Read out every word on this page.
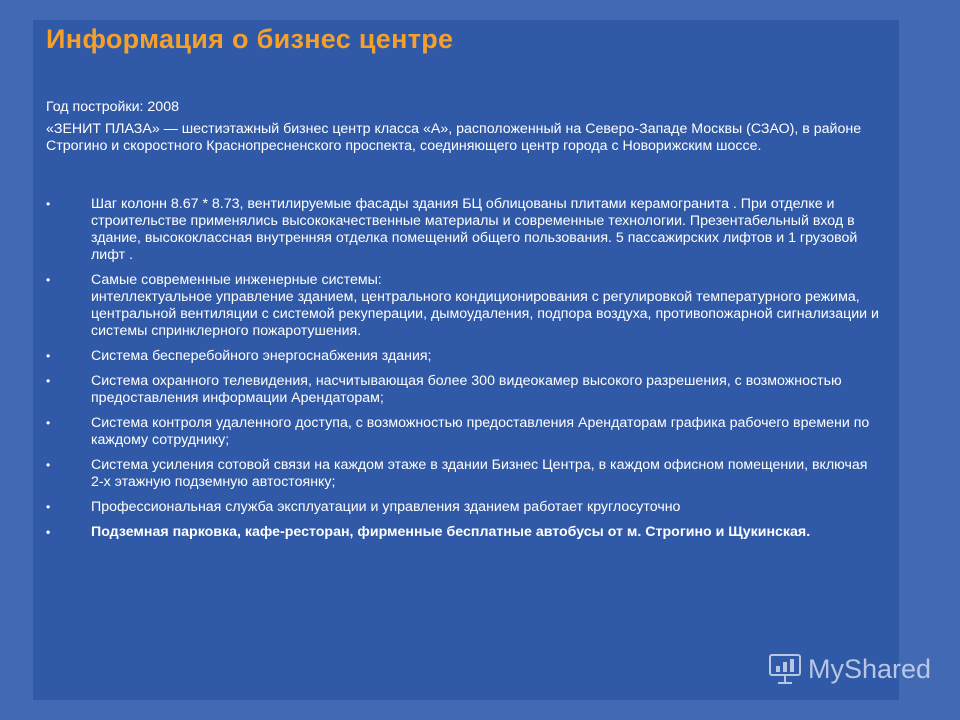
Информация о бизнес центре

Год постройки: 2008

«ЗЕНИТ ПЛАЗА» — шестиэтажный бизнес центр класса «А», расположенный на Северо-Западе Москвы (СЗАО), в районе Строгино и скоростного Краснопресненского проспекта, соединяющего центр города с Новорижским шоссе.

•	Шаг колонн 8.67 * 8.73, вентилируемые фасады здания БЦ облицованы плитами керамогранита . При отделке и строительстве применялись высококачественные материалы и современные технологии. Презентабельный вход в здание, высококлассная внутренняя отделка помещений общего пользования. 5 пассажирских лифтов и 1 грузовой лифт .
•	Самые современные инженерные системы:
интеллектуальное управление зданием, центрального кондиционирования с регулировкой температурного режима, центральной вентиляции с системой рекуперации, дымоудаления, подпора воздуха, противопожарной сигнализации и системы спринклерного пожаротушения.
•	Система бесперебойного энергоснабжения здания;
•	Система охранного телевидения, насчитывающая более 300 видеокамер высокого разрешения, с возможностью предоставления информации Арендаторам;
•	Система контроля удаленного доступа, с возможностью предоставления Арендаторам графика рабочего времени по каждому сотруднику;
•	Система усиления сотовой связи на каждом этаже в здании Бизнес Центра, в каждом офисном помещении, включая 2-х этажную подземную автостоянку;
•	Профессиональная служба эксплуатации и управления зданием работает круглосуточно
•	Подземная парковка, кафе-ресторан, фирменные бесплатные автобусы от м. Строгино и Щукинская.
MyShared
